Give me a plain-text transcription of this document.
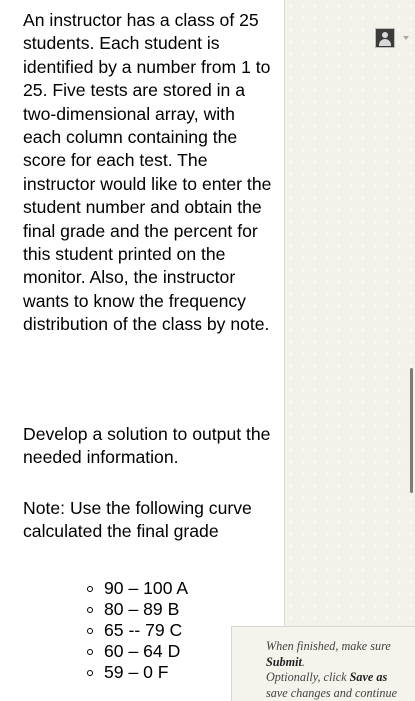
An instructor has a class of 25 students. Each student is identified by a number from 1 to 25. Five tests are stored in a two-dimensional array, with each column containing the score for each test. The instructor would like to enter the student number and obtain the final grade and the percent for this student printed on the monitor. Also, the instructor wants to know the frequency distribution of the class by note.

Develop a solution to output the needed information.

Note: Use the following curve calculated the final grade

90 – 100 A
80 – 89 B
65 -- 79 C
60 – 64 D
59 – 0 F
When finished, make sure
Submit.
Optionally, click Save as
save changes and continue
